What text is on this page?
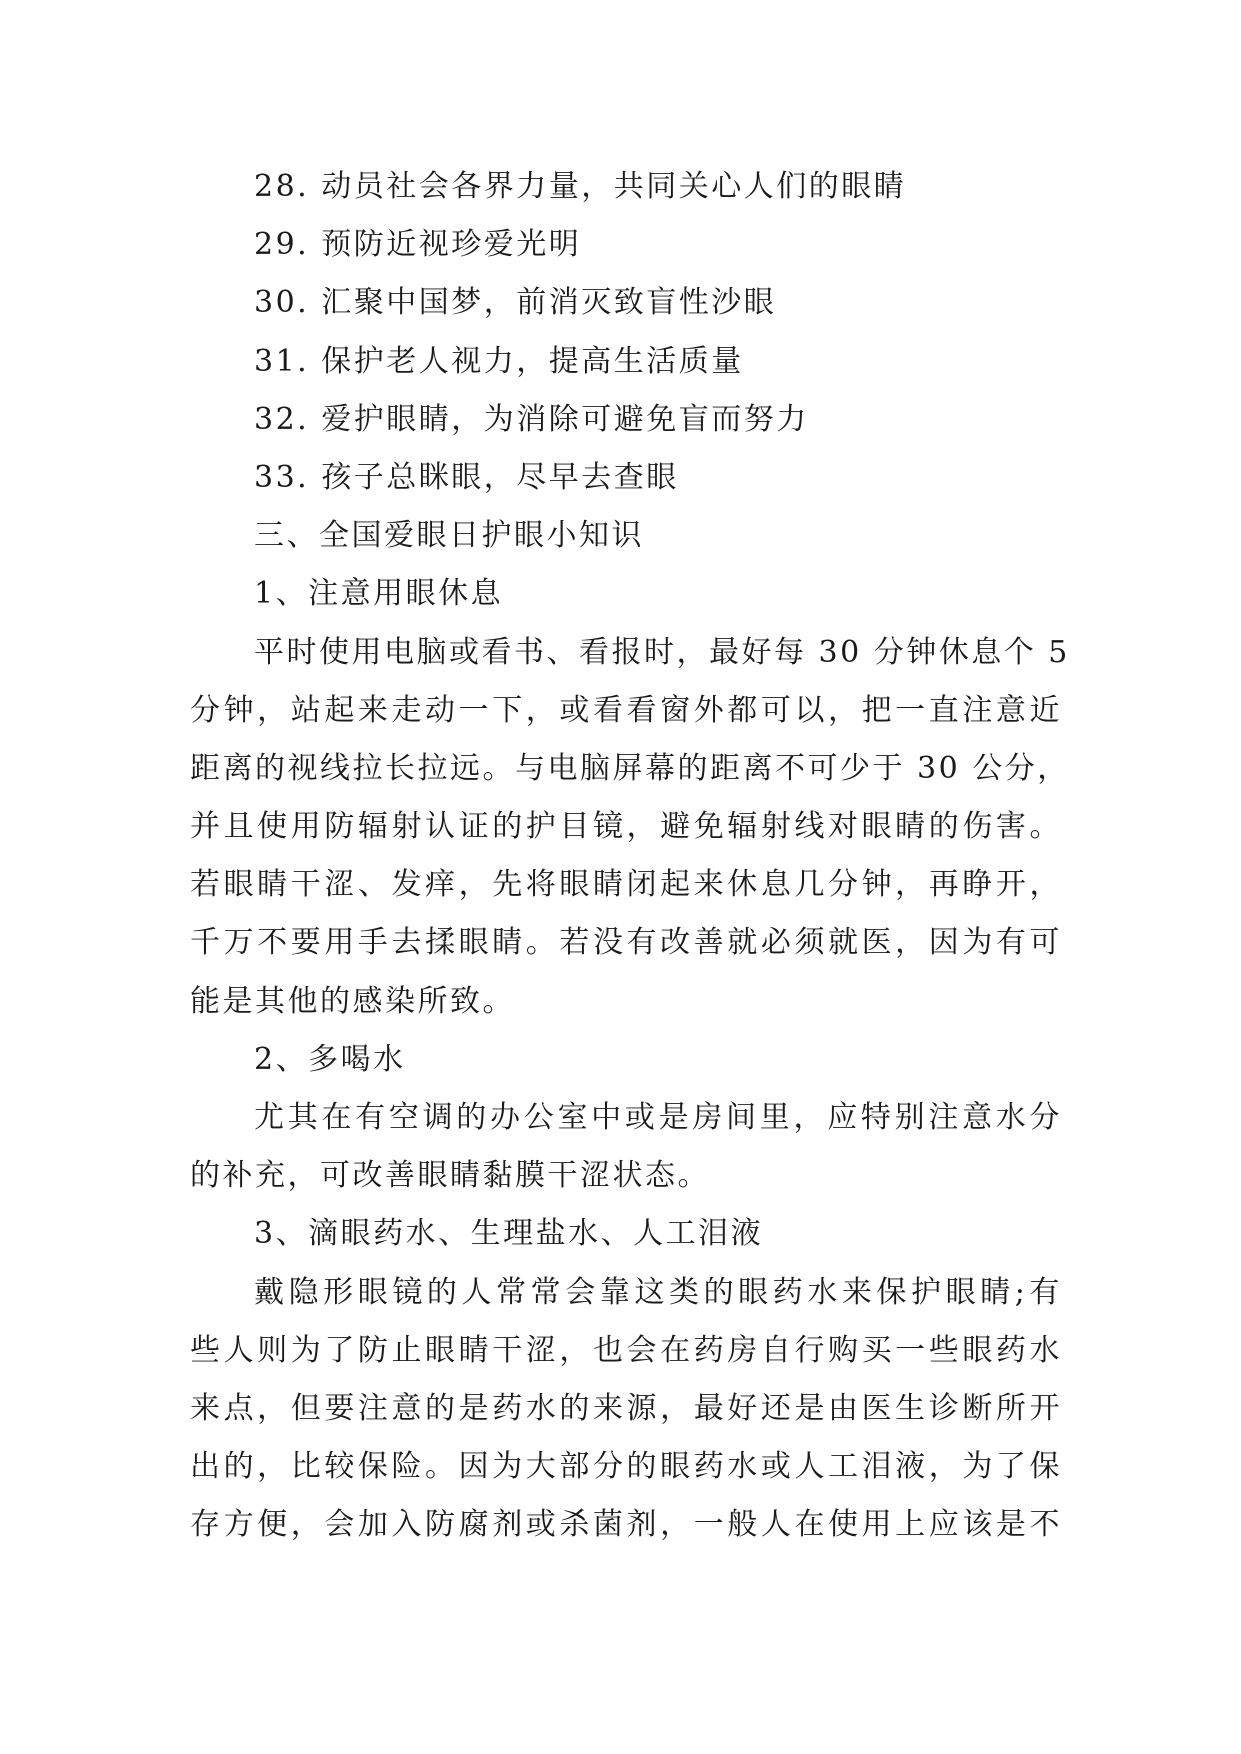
28. 动员社会各界力量，共同关心人们的眼睛
29. 预防近视珍爱光明
30. 汇聚中国梦，前消灭致盲性沙眼
31. 保护老人视力，提高生活质量
32. 爱护眼睛，为消除可避免盲而努力
33. 孩子总眯眼，尽早去查眼
三、全国爱眼日护眼小知识
1、注意用眼休息
平时使用电脑或看书、看报时，最好每 30 分钟休息个 5
分钟，站起来走动一下，或看看窗外都可以，把一直注意近
距离的视线拉长拉远。与电脑屏幕的距离不可少于 30 公分，
并且使用防辐射认证的护目镜，避免辐射线对眼睛的伤害。
若眼睛干涩、发痒，先将眼睛闭起来休息几分钟，再睁开，
千万不要用手去揉眼睛。若没有改善就必须就医，因为有可
能是其他的感染所致。
2、多喝水
尤其在有空调的办公室中或是房间里，应特别注意水分
的补充，可改善眼睛黏膜干涩状态。
3、滴眼药水、生理盐水、人工泪液
戴隐形眼镜的人常常会靠这类的眼药水来保护眼睛;有
些人则为了防止眼睛干涩，也会在药房自行购买一些眼药水
来点，但要注意的是药水的来源，最好还是由医生诊断所开
出的，比较保险。因为大部分的眼药水或人工泪液，为了保
存方便，会加入防腐剂或杀菌剂，一般人在使用上应该是不
